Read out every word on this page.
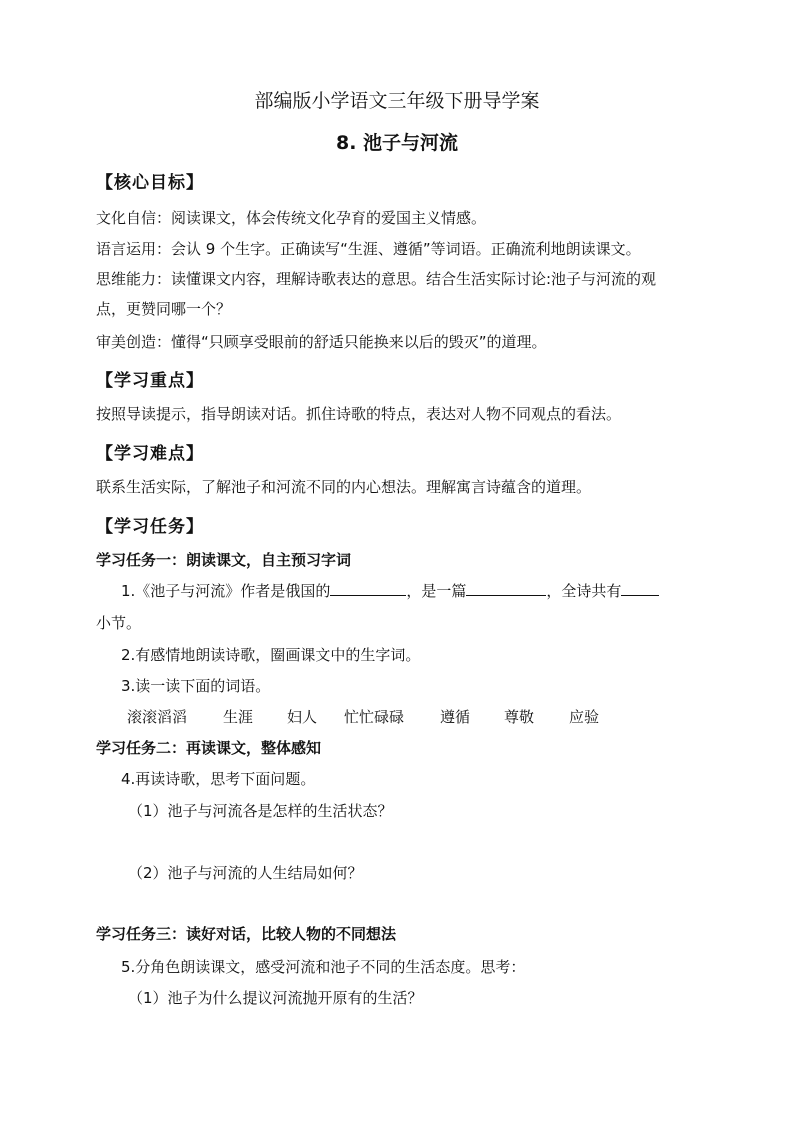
部编版小学语文三年级下册导学案
8. 池子与河流
【核心目标】
文化自信：阅读课文，体会传统文化孕育的爱国主义情感。
语言运用：会认 9 个生字。正确读写“生涯、遵循”等词语。正确流利地朗读课文。
思维能力：读懂课文内容，理解诗歌表达的意思。结合生活实际讨论:池子与河流的观
点，更赞同哪一个？
审美创造：懂得“只顾享受眼前的舒适只能换来以后的毁灭”的道理。
【学习重点】
按照导读提示，指导朗读对话。抓住诗歌的特点，表达对人物不同观点的看法。
【学习难点】
联系生活实际，了解池子和河流不同的内心想法。理解寓言诗蕴含的道理。
【学习任务】
学习任务一：朗读课文，自主预习字词
1.《池子与河流》作者是俄国的	，是一篇	，全诗共有
小节。
2.有感情地朗读诗歌，圈画课文中的生字词。
3.读一读下面的词语。
滚滚滔滔 生涯 妇人 忙忙碌碌 遵循 尊敬 应验
学习任务二：再读课文，整体感知
4.再读诗歌，思考下面问题。
（1）池子与河流各是怎样的生活状态？
（2）池子与河流的人生结局如何？
学习任务三：读好对话，比较人物的不同想法
5.分角色朗读课文，感受河流和池子不同的生活态度。思考：
（1）池子为什么提议河流抛开原有的生活？
